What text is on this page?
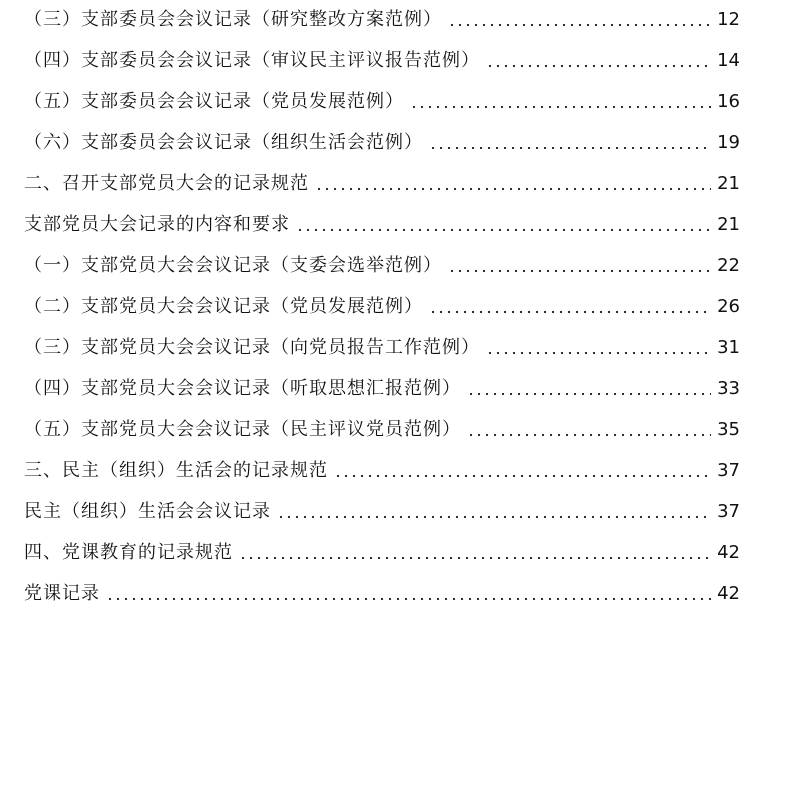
（三）支部委员会会议记录（研究整改方案范例）	12
（四）支部委员会会议记录（审议民主评议报告范例）	14
（五）支部委员会会议记录（党员发展范例）	16
（六）支部委员会会议记录（组织生活会范例）	19
二、召开支部党员大会的记录规范	21
支部党员大会记录的内容和要求	21
（一）支部党员大会会议记录（支委会选举范例）	22
（二）支部党员大会会议记录（党员发展范例）	26
（三）支部党员大会会议记录（向党员报告工作范例）	31
（四）支部党员大会会议记录（听取思想汇报范例）	33
（五）支部党员大会会议记录（民主评议党员范例）	35
三、民主（组织）生活会的记录规范	37
民主（组织）生活会会议记录	37
四、党课教育的记录规范	42
党课记录	42
